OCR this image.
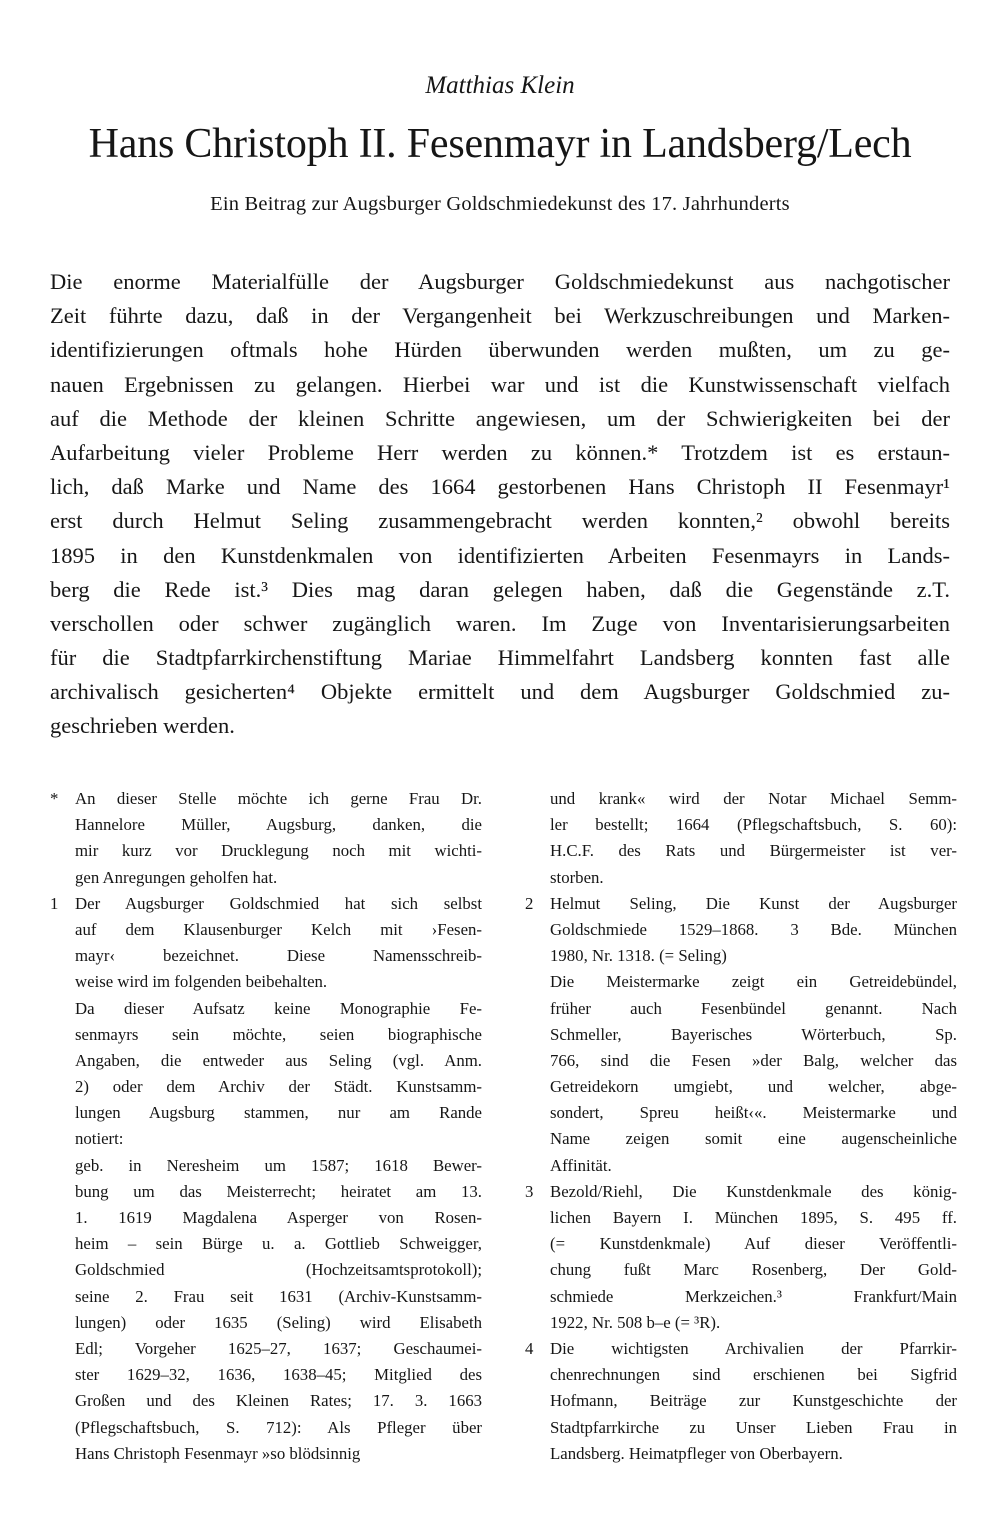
Matthias Klein
Hans Christoph II. Fesenmayr in Landsberg/Lech
Ein Beitrag zur Augsburger Goldschmiedekunst des 17. Jahrhunderts
Die enorme Materialfülle der Augsburger Goldschmiedekunst aus nachgotischer
Zeit führte dazu, daß in der Vergangenheit bei Werkzuschreibungen und Marken-
identifizierungen oftmals hohe Hürden überwunden werden mußten, um zu ge-
nauen Ergebnissen zu gelangen. Hierbei war und ist die Kunstwissenschaft vielfach
auf die Methode der kleinen Schritte angewiesen, um der Schwierigkeiten bei der
Aufarbeitung vieler Probleme Herr werden zu können.* Trotzdem ist es erstaun-
lich, daß Marke und Name des 1664 gestorbenen Hans Christoph II Fesenmayr¹
erst durch Helmut Seling zusammengebracht werden konnten,² obwohl bereits
1895 in den Kunstdenkmalen von identifizierten Arbeiten Fesenmayrs in Lands-
berg die Rede ist.³ Dies mag daran gelegen haben, daß die Gegenstände z.T.
verschollen oder schwer zugänglich waren. Im Zuge von Inventarisierungsarbeiten
für die Stadtpfarrkirchenstiftung Mariae Himmelfahrt Landsberg konnten fast alle
archivalisch gesicherten⁴ Objekte ermittelt und dem Augsburger Goldschmied zu-
geschrieben werden.
* An dieser Stelle möchte ich gerne Frau Dr.
Hannelore Müller, Augsburg, danken, die
mir kurz vor Drucklegung noch mit wichti-
gen Anregungen geholfen hat.
1 Der Augsburger Goldschmied hat sich selbst
auf dem Klausenburger Kelch mit ›Fesen-
mayr‹ bezeichnet. Diese Namensschreib-
weise wird im folgenden beibehalten.
Da dieser Aufsatz keine Monographie Fe-
senmayrs sein möchte, seien biographische
Angaben, die entweder aus Seling (vgl. Anm.
2) oder dem Archiv der Städt. Kunstsamm-
lungen Augsburg stammen, nur am Rande
notiert:
geb. in Neresheim um 1587; 1618 Bewer-
bung um das Meisterrecht; heiratet am 13.
1. 1619 Magdalena Asperger von Rosen-
heim – sein Bürge u. a. Gottlieb Schweigger,
Goldschmied (Hochzeitsamtsprotokoll);
seine 2. Frau seit 1631 (Archiv-Kunstsamm-
lungen) oder 1635 (Seling) wird Elisabeth
Edl; Vorgeher 1625–27, 1637; Geschaumei-
ster 1629–32, 1636, 1638–45; Mitglied des
Großen und des Kleinen Rates; 17. 3. 1663
(Pflegschaftsbuch, S. 712): Als Pfleger über
Hans Christoph Fesenmayr »so blödsinnig
und krank« wird der Notar Michael Semm-
ler bestellt; 1664 (Pflegschaftsbuch, S. 60):
H.C.F. des Rats und Bürgermeister ist ver-
storben.
2 Helmut Seling, Die Kunst der Augsburger
Goldschmiede 1529–1868. 3 Bde. München
1980, Nr. 1318. (= Seling)
Die Meistermarke zeigt ein Getreidebündel,
früher auch Fesenbündel genannt. Nach
Schmeller, Bayerisches Wörterbuch, Sp.
766, sind die Fesen »der Balg, welcher das
Getreidekorn umgiebt, und welcher, abge-
sondert, Spreu heißt‹«. Meistermarke und
Name zeigen somit eine augenscheinliche
Affinität.
3 Bezold/Riehl, Die Kunstdenkmale des könig-
lichen Bayern I. München 1895, S. 495 ff.
(= Kunstdenkmale) Auf dieser Veröffentli-
chung fußt Marc Rosenberg, Der Gold-
schmiede Merkzeichen.³ Frankfurt/Main
1922, Nr. 508 b–e (= ³R).
4 Die wichtigsten Archivalien der Pfarrkir-
chenrechnungen sind erschienen bei Sigfrid
Hofmann, Beiträge zur Kunstgeschichte der
Stadtpfarrkirche zu Unser Lieben Frau in
Landsberg. Heimatpfleger von Oberbayern.
